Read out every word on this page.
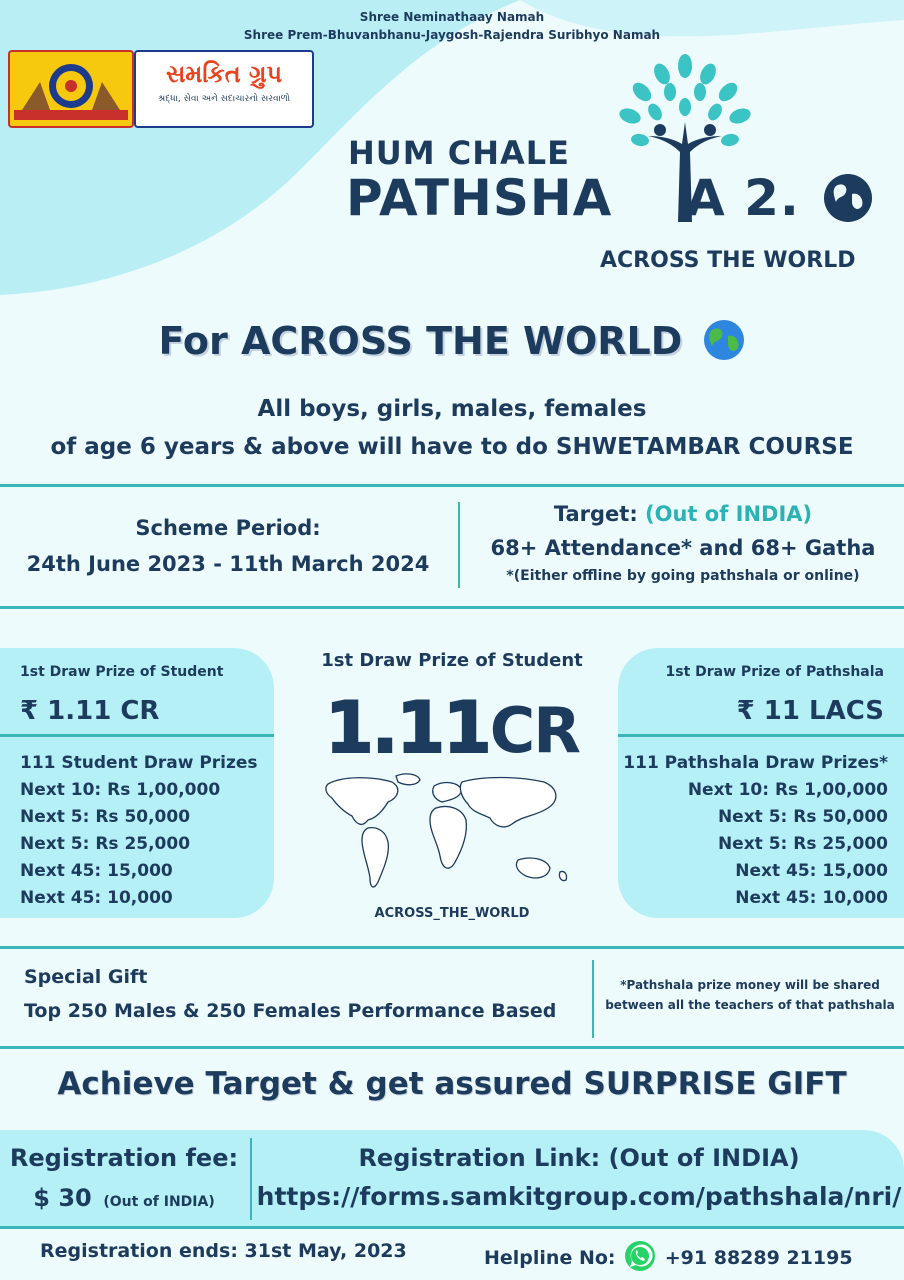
Shree Neminathaay Namah
Shree Prem-Bhuvanbhanu-Jaygosh-Rajendra Suribhyo Namah
સમકિત ગ્રુપ
શ્રદ્ધા, સેવા અને સદાચારનો સરવાળો
HUM CHALE
PATHSHA A 2.
ACROSS THE WORLD
For ACROSS THE WORLD
All boys, girls, males, females
of age 6 years & above will have to do SHWETAMBAR COURSE
Scheme Period:
24th June 2023 - 11th March 2024
Target: (Out of INDIA)
68+ Attendance* and 68+ Gatha
*(Either offline by going pathshala or online)
1st Draw Prize of Student
₹ 1.11 CR
111 Student Draw Prizes
Next 10: Rs 1,00,000
Next 5: Rs 50,000
Next 5: Rs 25,000
Next 45: 15,000
Next 45: 10,000
1st Draw Prize of Student
1.11CR
ACROSS_THE_WORLD
1st Draw Prize of Pathshala
₹ 11 LACS
111 Pathshala Draw Prizes*
Next 10: Rs 1,00,000
Next 5: Rs 50,000
Next 5: Rs 25,000
Next 45: 15,000
Next 45: 10,000
Special Gift
Top 250 Males & 250 Females Performance Based
*Pathshala prize money will be shared
between all the teachers of that pathshala
Achieve Target & get assured SURPRISE GIFT
Registration fee:
$ 30 (Out of INDIA)
Registration Link: (Out of INDIA)
https://forms.samkitgroup.com/pathshala/nri/
Registration ends: 31st May, 2023	Helpline No:	+91 88289 21195
